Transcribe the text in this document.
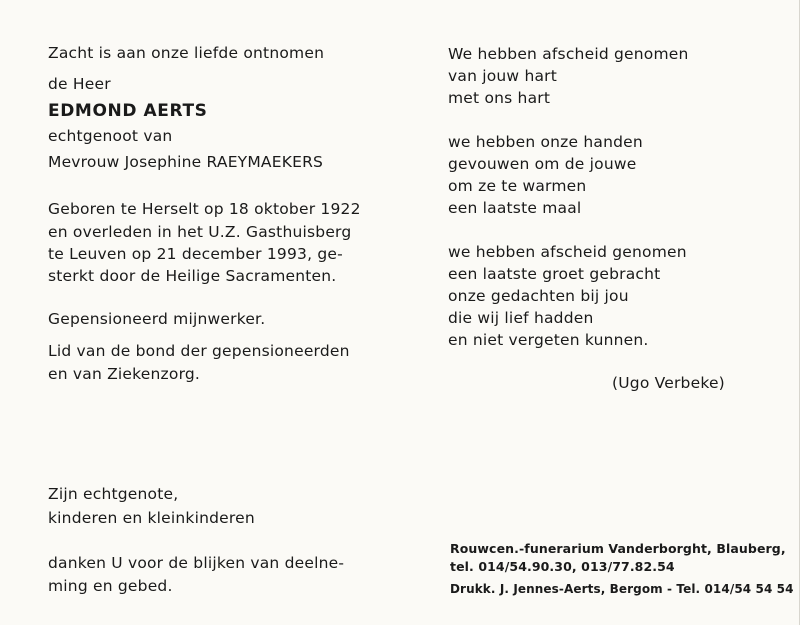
Zacht is aan onze liefde ontnomen
de Heer
EDMOND AERTS
echtgenoot van
Mevrouw Josephine RAEYMAEKERS
Geboren te Herselt op 18 oktober 1922
en overleden in het U.Z. Gasthuisberg
te Leuven op 21 december 1993, ge-
sterkt door de Heilige Sacramenten.
Gepensioneerd mijnwerker.
Lid van de bond der gepensioneerden
en van Ziekenzorg.
Zijn echtgenote,
kinderen en kleinkinderen
danken U voor de blijken van deelne-
ming en gebed.
We hebben afscheid genomen
van jouw hart
met ons hart
we hebben onze handen
gevouwen om de jouwe
om ze te warmen
een laatste maal
we hebben afscheid genomen
een laatste groet gebracht
onze gedachten bij jou
die wij lief hadden
en niet vergeten kunnen.
(Ugo Verbeke)
Rouwcen.-funerarium Vanderborght, Blauberg,
tel. 014/54.90.30, 013/77.82.54
Drukk. J. Jennes-Aerts, Bergom - Tel. 014/54 54 54
